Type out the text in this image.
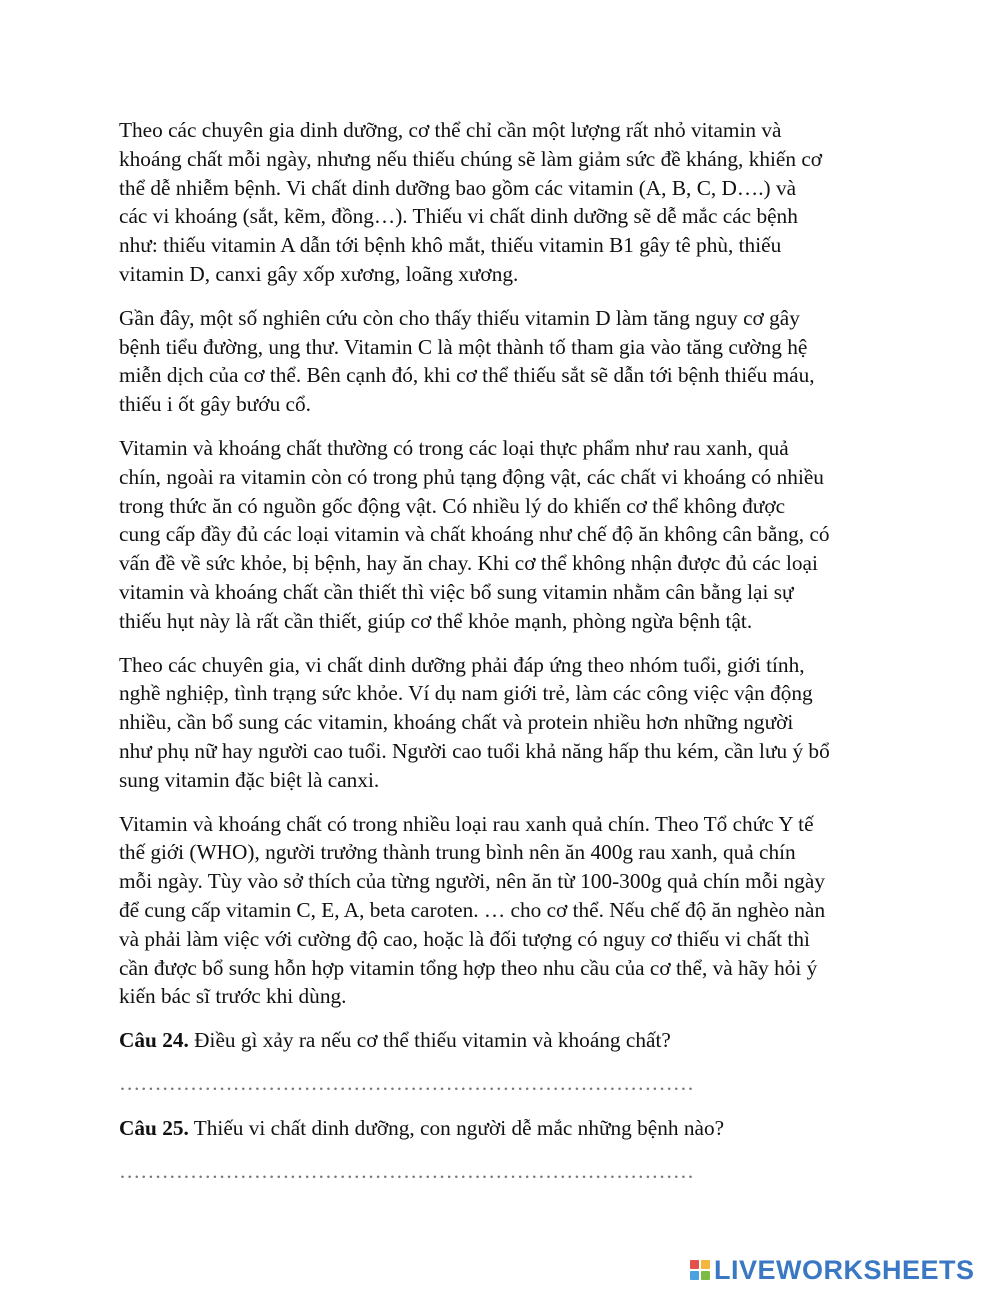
Theo các chuyên gia dinh dưỡng, cơ thể chỉ cần một lượng rất nhỏ vitamin và
khoáng chất mỗi ngày, nhưng nếu thiếu chúng sẽ làm giảm sức đề kháng, khiến cơ
thể dễ nhiễm bệnh. Vi chất dinh dưỡng bao gồm các vitamin (A, B, C, D….) và
các vi khoáng (sắt, kẽm, đồng…). Thiếu vi chất dinh dưỡng sẽ dễ mắc các bệnh
như: thiếu vitamin A dẫn tới bệnh khô mắt, thiếu vitamin B1 gây tê phù, thiếu
vitamin D, canxi gây xốp xương, loãng xương.

Gần đây, một số nghiên cứu còn cho thấy thiếu vitamin D làm tăng nguy cơ gây
bệnh tiểu đường, ung thư. Vitamin C là một thành tố tham gia vào tăng cường hệ
miễn dịch của cơ thể. Bên cạnh đó, khi cơ thể thiếu sắt sẽ dẫn tới bệnh thiếu máu,
thiếu i ốt gây bướu cổ.

Vitamin và khoáng chất thường có trong các loại thực phẩm như rau xanh, quả
chín, ngoài ra vitamin còn có trong phủ tạng động vật, các chất vi khoáng có nhiều
trong thức ăn có nguồn gốc động vật. Có nhiều lý do khiến cơ thể không được
cung cấp đầy đủ các loại vitamin và chất khoáng như chế độ ăn không cân bằng, có
vấn đề về sức khỏe, bị bệnh, hay ăn chay. Khi cơ thể không nhận được đủ các loại
vitamin và khoáng chất cần thiết thì việc bổ sung vitamin nhằm cân bằng lại sự
thiếu hụt này là rất cần thiết, giúp cơ thể khỏe mạnh, phòng ngừa bệnh tật.

Theo các chuyên gia, vi chất dinh dưỡng phải đáp ứng theo nhóm tuổi, giới tính,
nghề nghiệp, tình trạng sức khỏe. Ví dụ nam giới trẻ, làm các công việc vận động
nhiều, cần bổ sung các vitamin, khoáng chất và protein nhiều hơn những người
như phụ nữ hay người cao tuổi. Người cao tuổi khả năng hấp thu kém, cần lưu ý bổ
sung vitamin đặc biệt là canxi.

Vitamin và khoáng chất có trong nhiều loại rau xanh quả chín. Theo Tổ chức Y tế
thế giới (WHO), người trưởng thành trung bình nên ăn 400g rau xanh, quả chín
mỗi ngày. Tùy vào sở thích của từng người, nên ăn từ 100-300g quả chín mỗi ngày
để cung cấp vitamin C, E, A, beta caroten. … cho cơ thể. Nếu chế độ ăn nghèo nàn
và phải làm việc với cường độ cao, hoặc là đối tượng có nguy cơ thiếu vi chất thì
cần được bổ sung hỗn hợp vitamin tổng hợp theo nhu cầu của cơ thể, và hãy hỏi ý
kiến bác sĩ trước khi dùng.

Câu 24. Điều gì xảy ra nếu cơ thể thiếu vitamin và khoáng chất?
………………………………………………………………………
Câu 25. Thiếu vi chất dinh dưỡng, con người dễ mắc những bệnh nào?
………………………………………………………………………
LIVEWORKSHEETS
